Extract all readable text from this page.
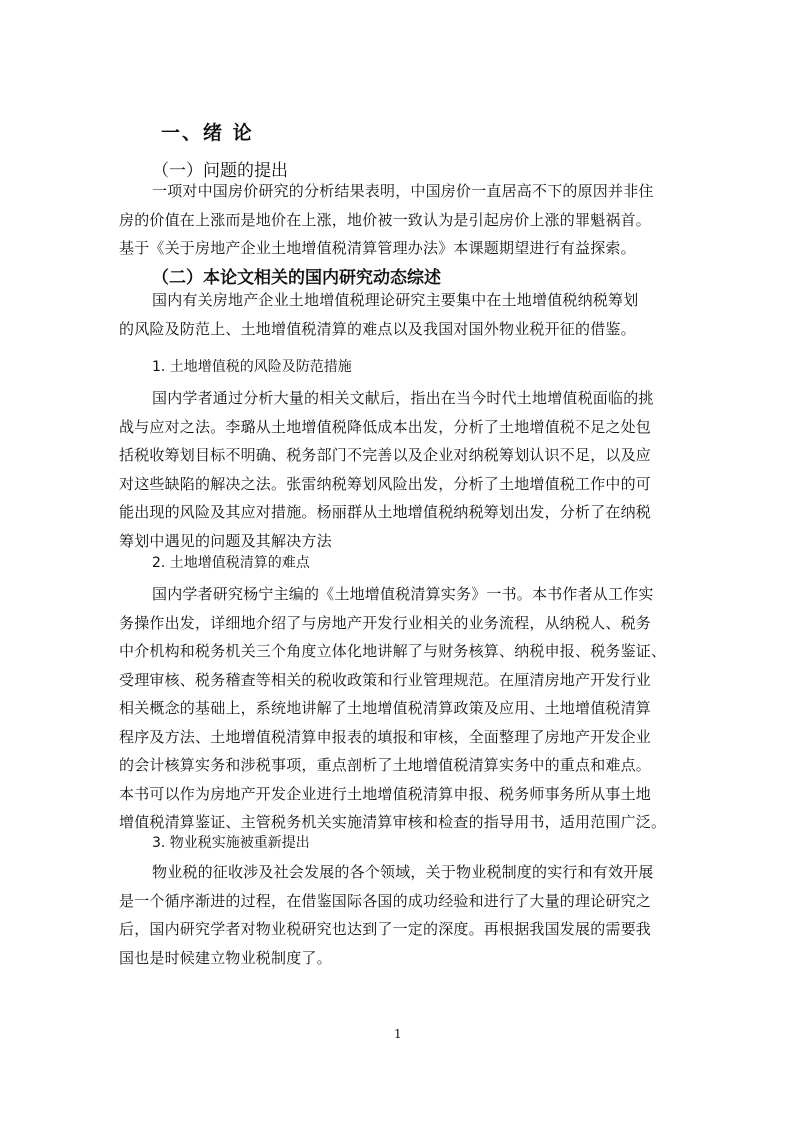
一、绪 论
（一）问题的提出
一项对中国房价研究的分析结果表明，中国房价一直居高不下的原因并非住
房的价值在上涨而是地价在上涨，地价被一致认为是引起房价上涨的罪魁祸首。
基于《关于房地产企业土地增值税清算管理办法》本课题期望进行有益探索。
（二）本论文相关的国内研究动态综述
国内有关房地产企业土地增值税理论研究主要集中在土地增值税纳税筹划
的风险及防范上、土地增值税清算的难点以及我国对国外物业税开征的借鉴。
1. 土地增值税的风险及防范措施
国内学者通过分析大量的相关文献后，指出在当今时代土地增值税面临的挑
战与应对之法。李璐从土地增值税降低成本出发，分析了土地增值税不足之处包
括税收筹划目标不明确、税务部门不完善以及企业对纳税筹划认识不足，以及应
对这些缺陷的解决之法。张雷纳税筹划风险出发，分析了土地增值税工作中的可
能出现的风险及其应对措施。杨丽群从土地增值税纳税筹划出发，分析了在纳税
筹划中遇见的问题及其解决方法
2. 土地增值税清算的难点
国内学者研究杨宁主编的《土地增值税清算实务》一书。本书作者从工作实
务操作出发，详细地介绍了与房地产开发行业相关的业务流程，从纳税人、税务
中介机构和税务机关三个角度立体化地讲解了与财务核算、纳税申报、税务鉴证、
受理审核、税务稽查等相关的税收政策和行业管理规范。在厘清房地产开发行业
相关概念的基础上，系统地讲解了土地增值税清算政策及应用、土地增值税清算
程序及方法、土地增值税清算申报表的填报和审核，全面整理了房地产开发企业
的会计核算实务和涉税事项，重点剖析了土地增值税清算实务中的重点和难点。
本书可以作为房地产开发企业进行土地增值税清算申报、税务师事务所从事土地
增值税清算鉴证、主管税务机关实施清算审核和检查的指导用书，适用范围广泛。
3. 物业税实施被重新提出
物业税的征收涉及社会发展的各个领域，关于物业税制度的实行和有效开展
是一个循序渐进的过程，在借鉴国际各国的成功经验和进行了大量的理论研究之
后，国内研究学者对物业税研究也达到了一定的深度。再根据我国发展的需要我
国也是时候建立物业税制度了。
1
